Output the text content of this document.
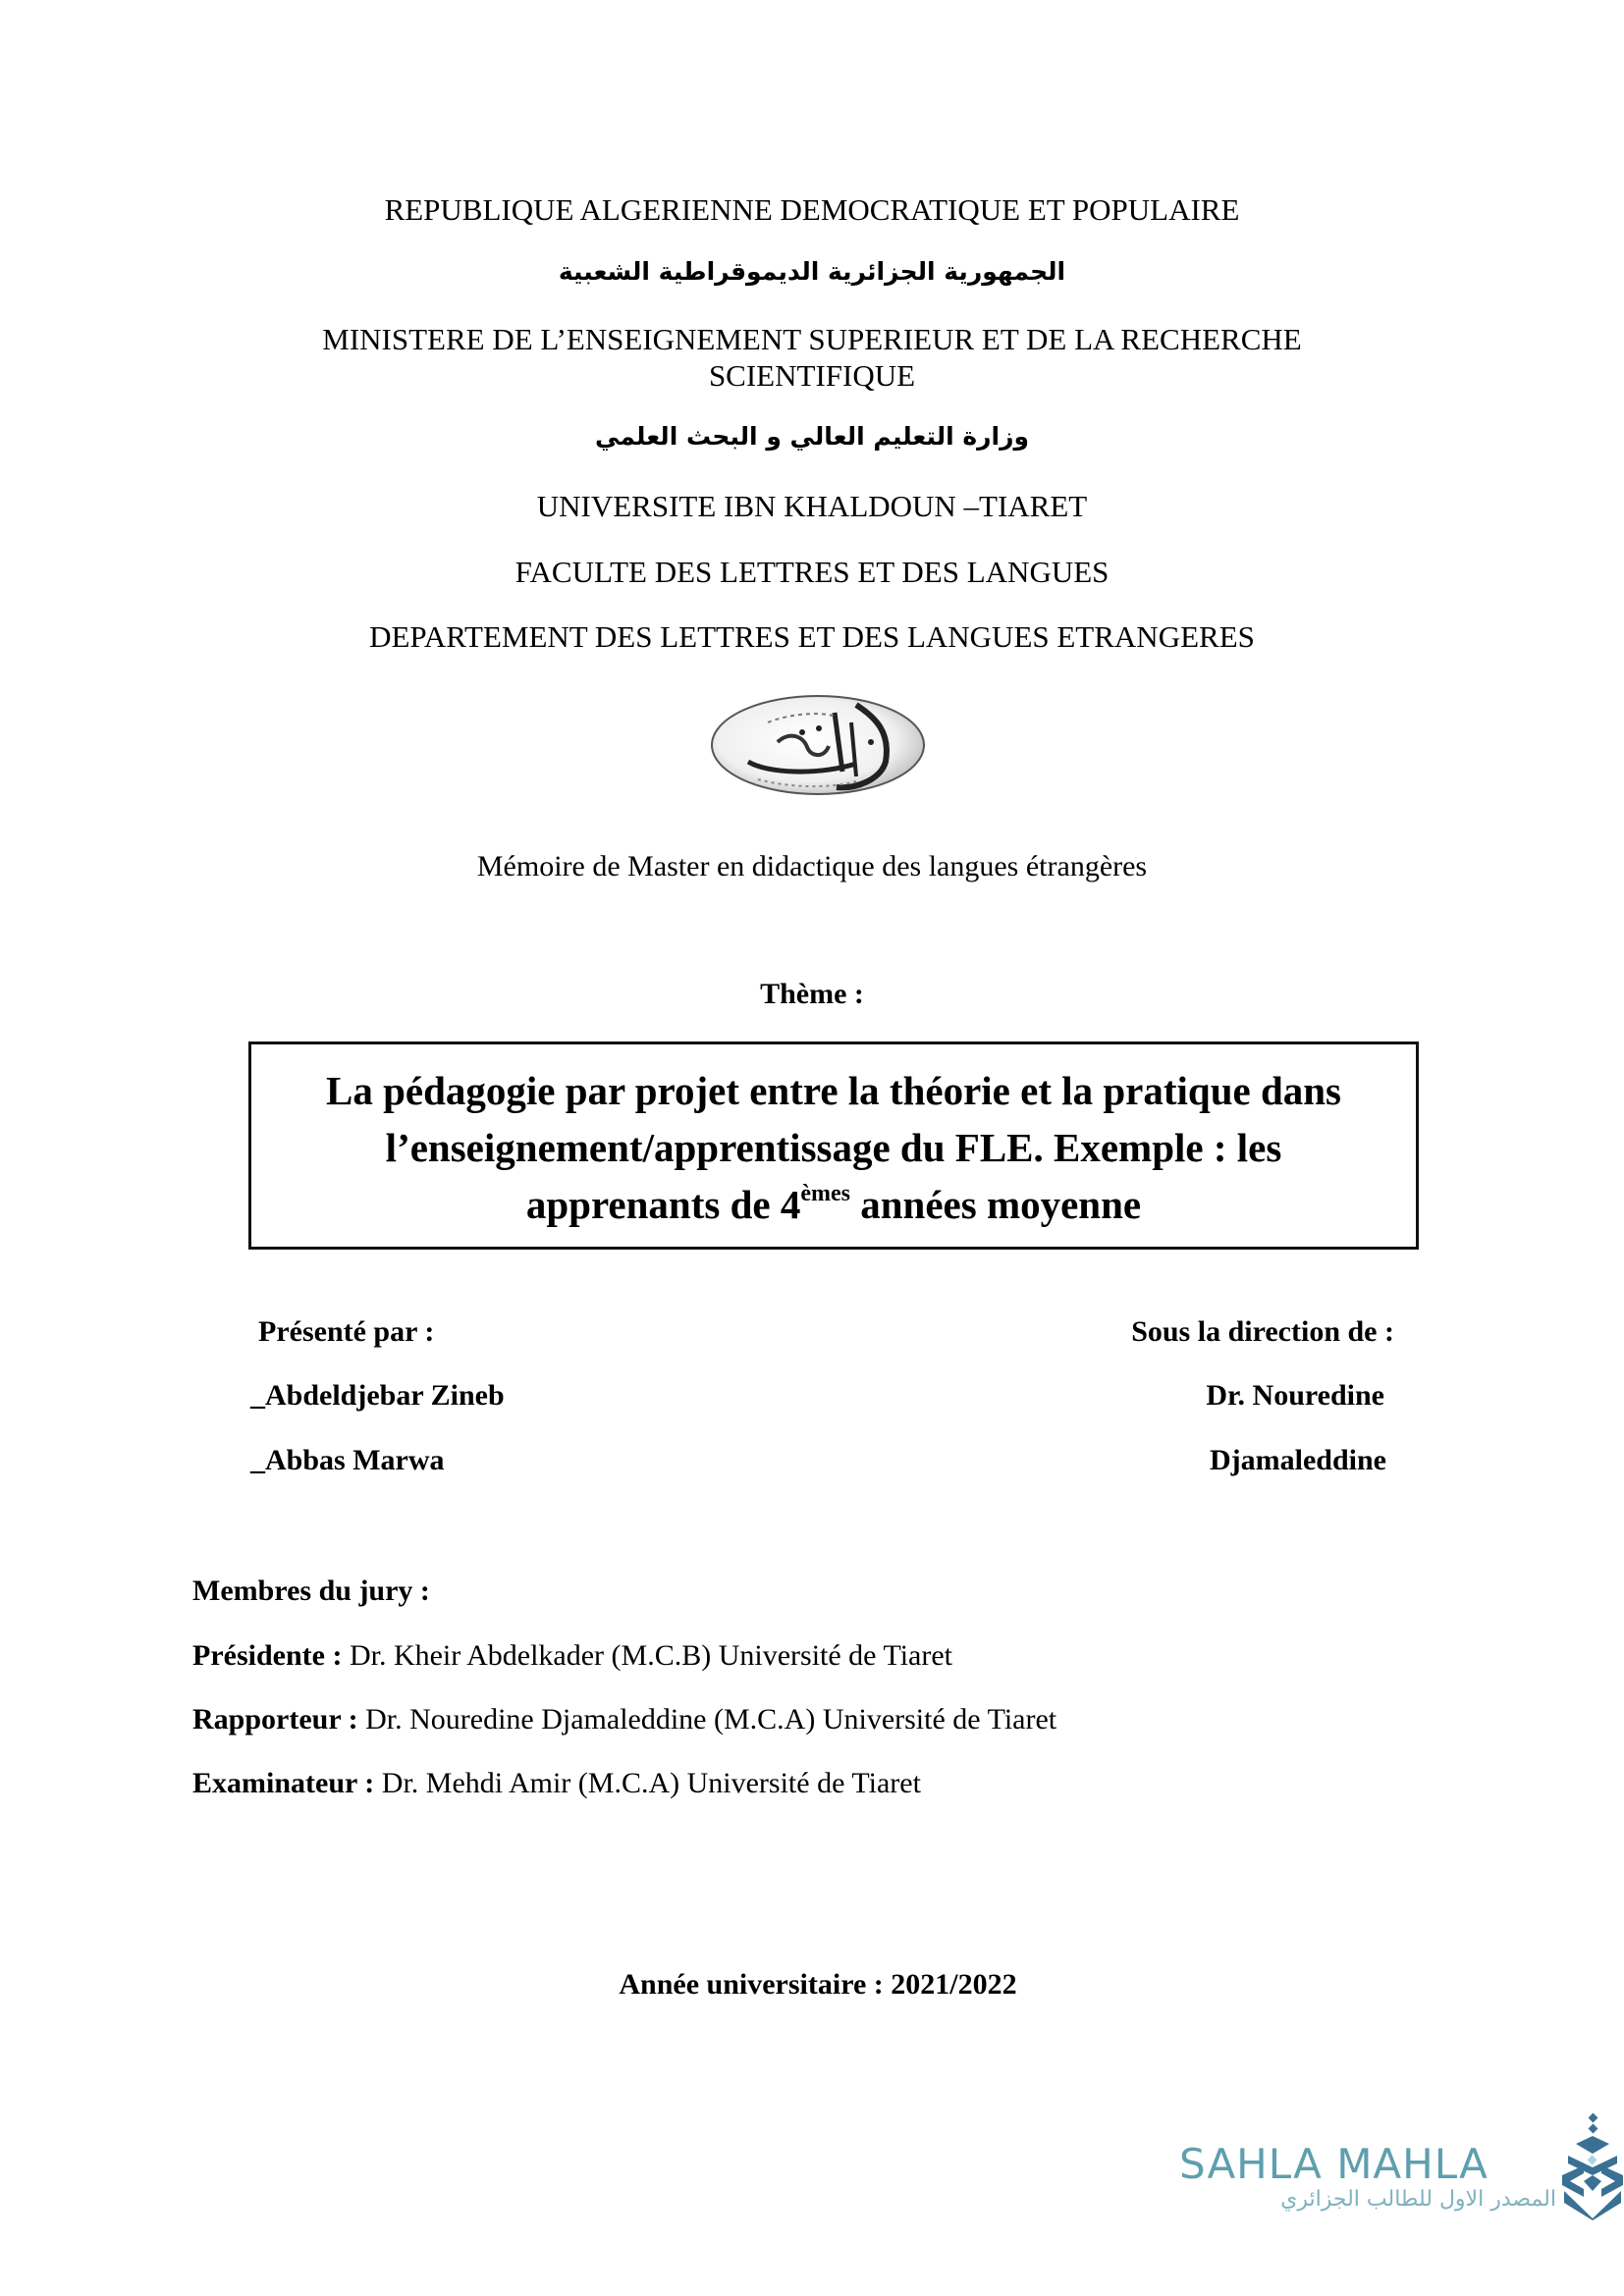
REPUBLIQUE ALGERIENNE DEMOCRATIQUE ET POPULAIRE
الجمهورية الجزائرية الديموقراطية الشعبية
MINISTERE DE L’ENSEIGNEMENT SUPERIEUR ET DE LA RECHERCHE
SCIENTIFIQUE
وزارة التعليم العالي و البحث العلمي
UNIVERSITE IBN KHALDOUN –TIARET
FACULTE DES LETTRES ET DES LANGUES
DEPARTEMENT DES LETTRES ET DES LANGUES ETRANGERES
Mémoire de Master en didactique des langues étrangères
Thème :
La pédagogie par projet entre la théorie et la pratique dans
l’enseignement/apprentissage du FLE. Exemple : les
apprenants de 4èmes années moyenne
Présenté par :
_Abdeldjebar Zineb
_Abbas Marwa
Sous la direction de :
Dr. Nouredine
Djamaleddine
Membres du jury :
Présidente : Dr. Kheir Abdelkader (M.C.B) Université de Tiaret
Rapporteur : Dr. Nouredine Djamaleddine (M.C.A) Université de Tiaret
Examinateur : Dr. Mehdi Amir (M.C.A) Université de Tiaret
Année universitaire : 2021/2022
SAHLA MAHLA
المصدر الاول للطالب الجزائري
